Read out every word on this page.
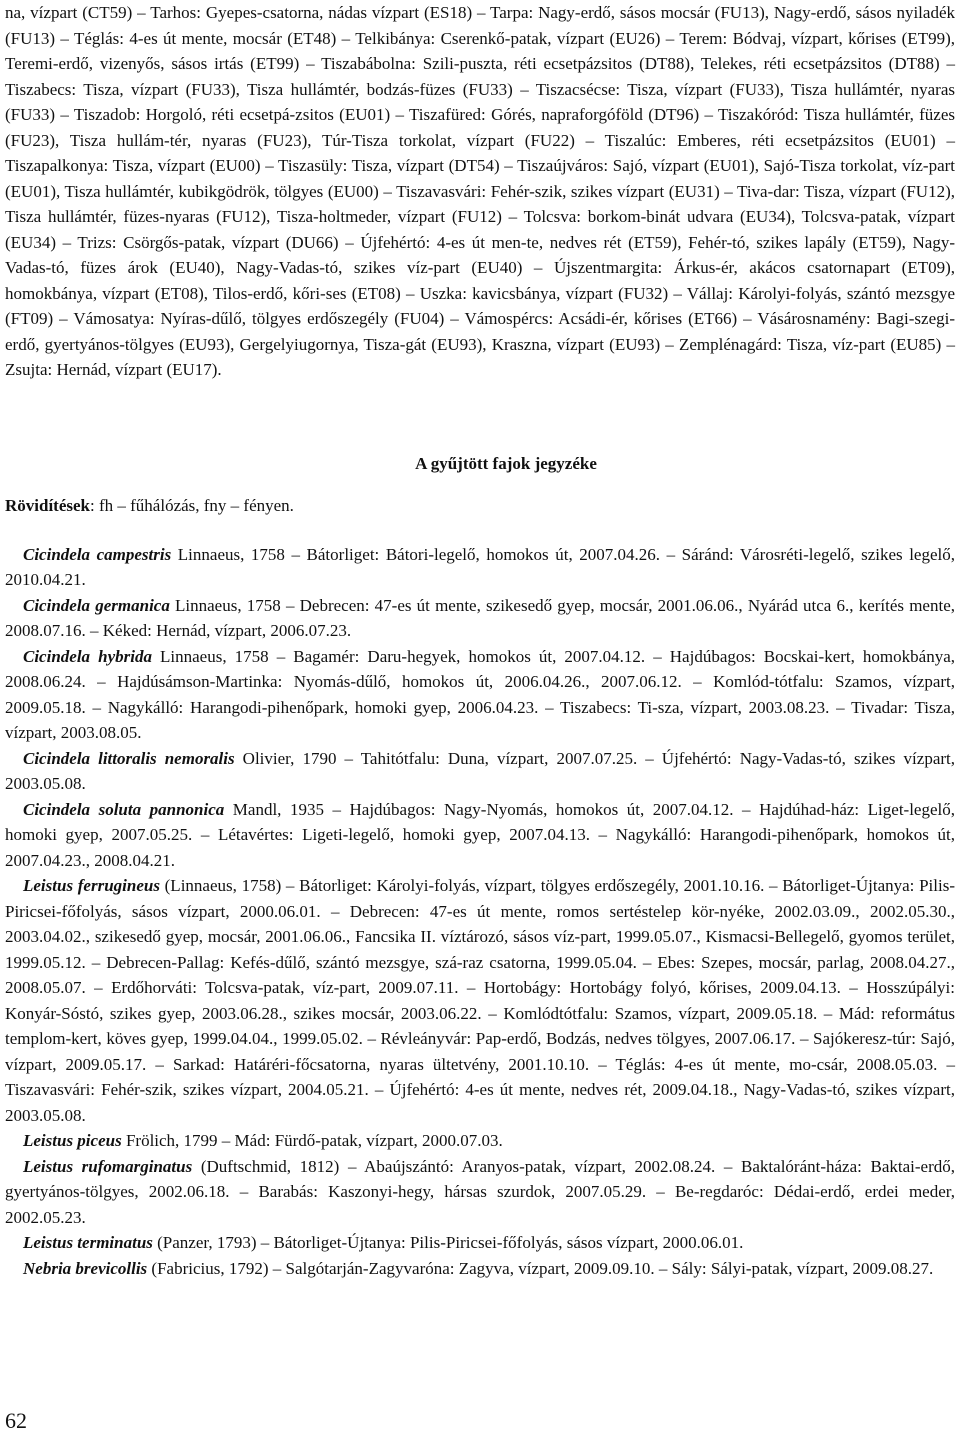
na, vízpart (CT59) – Tarhos: Gyepes-csatorna, nádas vízpart (ES18) – Tarpa: Nagy-erdő, sásos mocsár (FU13), Nagy-erdő, sásos nyiladék (FU13) – Téglás: 4-es út mente, mocsár (ET48) – Telkibánya: Cserenkő-patak, vízpart (EU26) – Terem: Bódvaj, vízpart, kőrises (ET99), Teremi-erdő, vizenyős, sásos irtás (ET99) – Tiszabábolna: Szili-puszta, réti ecsetpázsitos (DT88), Telekes, réti ecsetpázsitos (DT88) – Tiszabecs: Tisza, vízpart (FU33), Tisza hullámtér, bodzás-füzes (FU33) – Tiszacsécse: Tisza, vízpart (FU33), Tisza hullámtér, nyaras (FU33) – Tiszadob: Horgoló, réti ecsetpá-zsitos (EU01) – Tiszafüred: Górés, napraforgóföld (DT96) – Tiszakóród: Tisza hullámtér, füzes (FU23), Tisza hullám-tér, nyaras (FU23), Túr-Tisza torkolat, vízpart (FU22) – Tiszalúc: Emberes, réti ecsetpázsitos (EU01) – Tiszapalkonya: Tisza, vízpart (EU00) – Tiszasüly: Tisza, vízpart (DT54) – Tiszaújváros: Sajó, vízpart (EU01), Sajó-Tisza torkolat, víz-part (EU01), Tisza hullámtér, kubikgödrök, tölgyes (EU00) – Tiszavasvári: Fehér-szik, szikes vízpart (EU31) – Tiva-dar: Tisza, vízpart (FU12), Tisza hullámtér, füzes-nyaras (FU12), Tisza-holtmeder, vízpart (FU12) – Tolcsva: borkom-binát udvara (EU34), Tolcsva-patak, vízpart (EU34) – Trizs: Csörgős-patak, vízpart (DU66) – Újfehértó: 4-es út men-te, nedves rét (ET59), Fehér-tó, szikes lapály (ET59), Nagy-Vadas-tó, füzes árok (EU40), Nagy-Vadas-tó, szikes víz-part (EU40) – Újszentmargita: Árkus-ér, akácos csatornapart (ET09), homokbánya, vízpart (ET08), Tilos-erdő, kőri-ses (ET08) – Uszka: kavicsbánya, vízpart (FU32) – Vállaj: Károlyi-folyás, szántó mezsgye (FT09) – Vámosatya: Nyíras-dűlő, tölgyes erdőszegély (FU04) – Vámospércs: Acsádi-ér, kőrises (ET66) – Vásárosnamény: Bagi-szegi-erdő, gyertyános-tölgyes (EU93), Gergelyiugornya, Tisza-gát (EU93), Kraszna, vízpart (EU93) – Zemplénagárd: Tisza, víz-part (EU85) – Zsujta: Hernád, vízpart (EU17).

A gyűjtött fajok jegyzéke

Rövidítések: fh – fűhálózás, fny – fényen.

Cicindela campestris Linnaeus, 1758 – Bátorliget: Bátori-legelő, homokos út, 2007.04.26. – Sáránd: Városréti-legelő, szikes legelő, 2010.04.21.

Cicindela germanica Linnaeus, 1758 – Debrecen: 47-es út mente, szikesedő gyep, mocsár, 2001.06.06., Nyárád utca 6., kerítés mente, 2008.07.16. – Kéked: Hernád, vízpart, 2006.07.23.

Cicindela hybrida Linnaeus, 1758 – Bagamér: Daru-hegyek, homokos út, 2007.04.12. – Hajdúbagos: Bocskai-kert, homokbánya, 2008.06.24. – Hajdúsámson-Martinka: Nyomás-dűlő, homokos út, 2006.04.26., 2007.06.12. – Komlód-tótfalu: Szamos, vízpart, 2009.05.18. – Nagykálló: Harangodi-pihenőpark, homoki gyep, 2006.04.23. – Tiszabecs: Ti-sza, vízpart, 2003.08.23. – Tivadar: Tisza, vízpart, 2003.08.05.

Cicindela littoralis nemoralis Olivier, 1790 – Tahitótfalu: Duna, vízpart, 2007.07.25. – Újfehértó: Nagy-Vadas-tó, szikes vízpart, 2003.05.08.

Cicindela soluta pannonica Mandl, 1935 – Hajdúbagos: Nagy-Nyomás, homokos út, 2007.04.12. – Hajdúhad-ház: Liget-legelő, homoki gyep, 2007.05.25. – Létavértes: Ligeti-legelő, homoki gyep, 2007.04.13. – Nagykálló: Harangodi-pihenőpark, homokos út, 2007.04.23., 2008.04.21.

Leistus ferrugineus (Linnaeus, 1758) – Bátorliget: Károlyi-folyás, vízpart, tölgyes erdőszegély, 2001.10.16. – Bátorliget-Újtanya: Pilis-Piricsei-főfolyás, sásos vízpart, 2000.06.01. – Debrecen: 47-es út mente, romos sertéstelep kör-nyéke, 2002.03.09., 2002.05.30., 2003.04.02., szikesedő gyep, mocsár, 2001.06.06., Fancsika II. víztározó, sásos víz-part, 1999.05.07., Kismacsi-Bellegelő, gyomos terület, 1999.05.12. – Debrecen-Pallag: Kefés-dűlő, szántó mezsgye, szá-raz csatorna, 1999.05.04. – Ebes: Szepes, mocsár, parlag, 2008.04.27., 2008.05.07. – Erdőhorváti: Tolcsva-patak, víz-part, 2009.07.11. – Hortobágy: Hortobágy folyó, kőrises, 2009.04.13. – Hosszúpályi: Konyár-Sóstó, szikes gyep, 2003.06.28., szikes mocsár, 2003.06.22. – Komlódtótfalu: Szamos, vízpart, 2009.05.18. – Mád: református templom-kert, köves gyep, 1999.04.04., 1999.05.02. – Révleányvár: Pap-erdő, Bodzás, nedves tölgyes, 2007.06.17. – Sajókeresz-túr: Sajó, vízpart, 2009.05.17. – Sarkad: Határéri-főcsatorna, nyaras ültetvény, 2001.10.10. – Téglás: 4-es út mente, mo-csár, 2008.05.03. – Tiszavasvári: Fehér-szik, szikes vízpart, 2004.05.21. – Újfehértó: 4-es út mente, nedves rét, 2009.04.18., Nagy-Vadas-tó, szikes vízpart, 2003.05.08.

Leistus piceus Frölich, 1799 – Mád: Fürdő-patak, vízpart, 2000.07.03.

Leistus rufomarginatus (Duftschmid, 1812) – Abaújszántó: Aranyos-patak, vízpart, 2002.08.24. – Baktalóránt-háza: Baktai-erdő, gyertyános-tölgyes, 2002.06.18. – Barabás: Kaszonyi-hegy, hársas szurdok, 2007.05.29. – Be-regdaróc: Dédai-erdő, erdei meder, 2002.05.23.

Leistus terminatus (Panzer, 1793) – Bátorliget-Újtanya: Pilis-Piricsei-főfolyás, sásos vízpart, 2000.06.01.

Nebria brevicollis (Fabricius, 1792) – Salgótarján-Zagyvaróna: Zagyva, vízpart, 2009.09.10. – Sály: Sályi-patak, vízpart, 2009.08.27.

62
